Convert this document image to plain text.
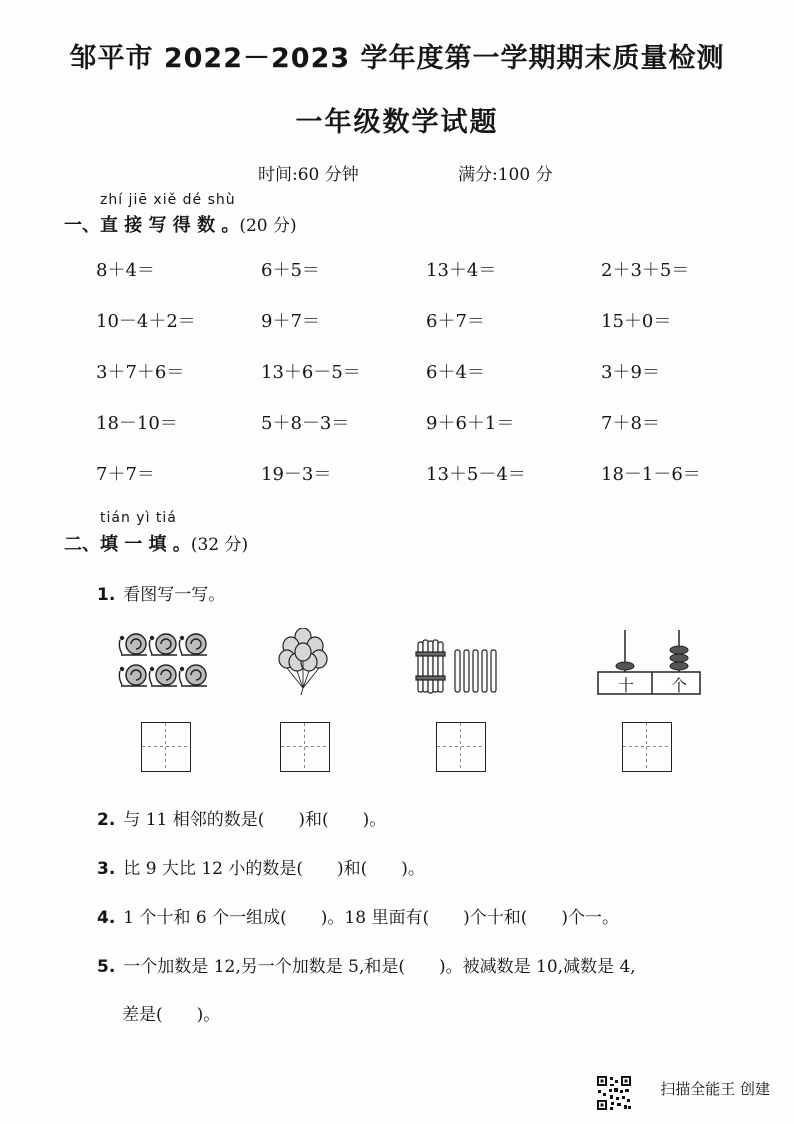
邹平市 2022－2023 学年度第一学期期末质量检测
一年级数学试题
时间:60 分钟	满分:100 分
zhí jiē xiě dé shù
一、直 接 写 得 数 。(20 分)
8＋4＝	6＋5＝	13＋4＝	2＋3＋5＝
10－4＋2＝	9＋7＝	6＋7＝	15＋0＝
3＋7＋6＝	13＋6－5＝	6＋4＝	3＋9＝
18－10＝	5＋8－3＝	9＋6＋1＝	7＋8＝
7＋7＝	19－3＝	13＋5－4＝	18－1－6＝
tián yì tiá
二、填 一 填 。(32 分)
1. 看图写一写。
十 个
2. 与 11 相邻的数是(　　)和(　　)。
3. 比 9 大比 12 小的数是(　　)和(　　)。
4. 1 个十和 6 个一组成(　　)。18 里面有(　　)个十和(　　)个一。
5. 一个加数是 12,另一个加数是 5,和是(　　)。被减数是 10,减数是 4,
差是(　　)。
扫描全能王 创建
